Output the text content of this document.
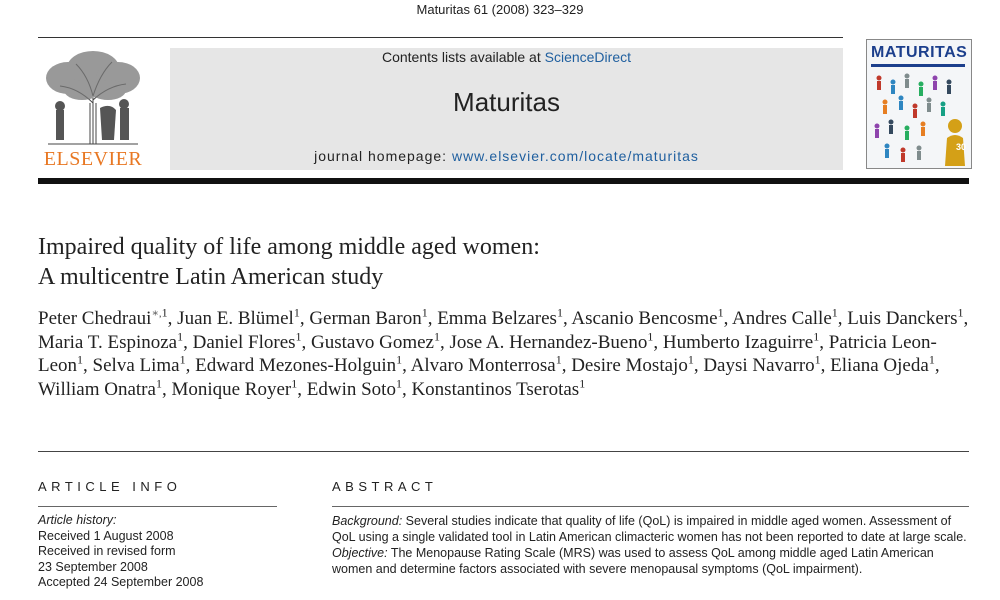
Maturitas 61 (2008) 323–329
ELSEVIER
Contents lists available at ScienceDirect
Maturitas
journal homepage: www.elsevier.com/locate/maturitas
MATURITAS
30
Impaired quality of life among middle aged women:
A multicentre Latin American study
Peter Chedraui$^{∗,1}$, Juan E. Blümel$^1$, German Baron$^1$, Emma Belzares$^1$, Ascanio Bencosme$^1$, Andres Calle$^1$, Luis Danckers$^1$, Maria T. Espinoza$^1$, Daniel Flores$^1$, Gustavo Gomez$^1$, Jose A. Hernandez-Bueno$^1$, Humberto Izaguirre$^1$, Patricia Leon-Leon$^1$, Selva Lima$^1$, Edward Mezones-Holguin$^1$, Alvaro Monterrosa$^1$, Desire Mostajo$^1$, Daysi Navarro$^1$, Eliana Ojeda$^1$, William Onatra$^1$, Monique Royer$^1$, Edwin Soto$^1$, Konstantinos Tserotas$^1$
ARTICLE INFO	ABSTRACT
Article history:
Received 1 August 2008
Received in revised form
23 September 2008
Accepted 24 September 2008

Background: Several studies indicate that quality of life (QoL) is impaired in middle aged women. Assessment of QoL using a single validated tool in Latin American climacteric women has not been reported to date at large scale.

Objective: The Menopause Rating Scale (MRS) was used to assess QoL among middle aged Latin American women and determine factors associated with severe menopausal symptoms (QoL impairment).
